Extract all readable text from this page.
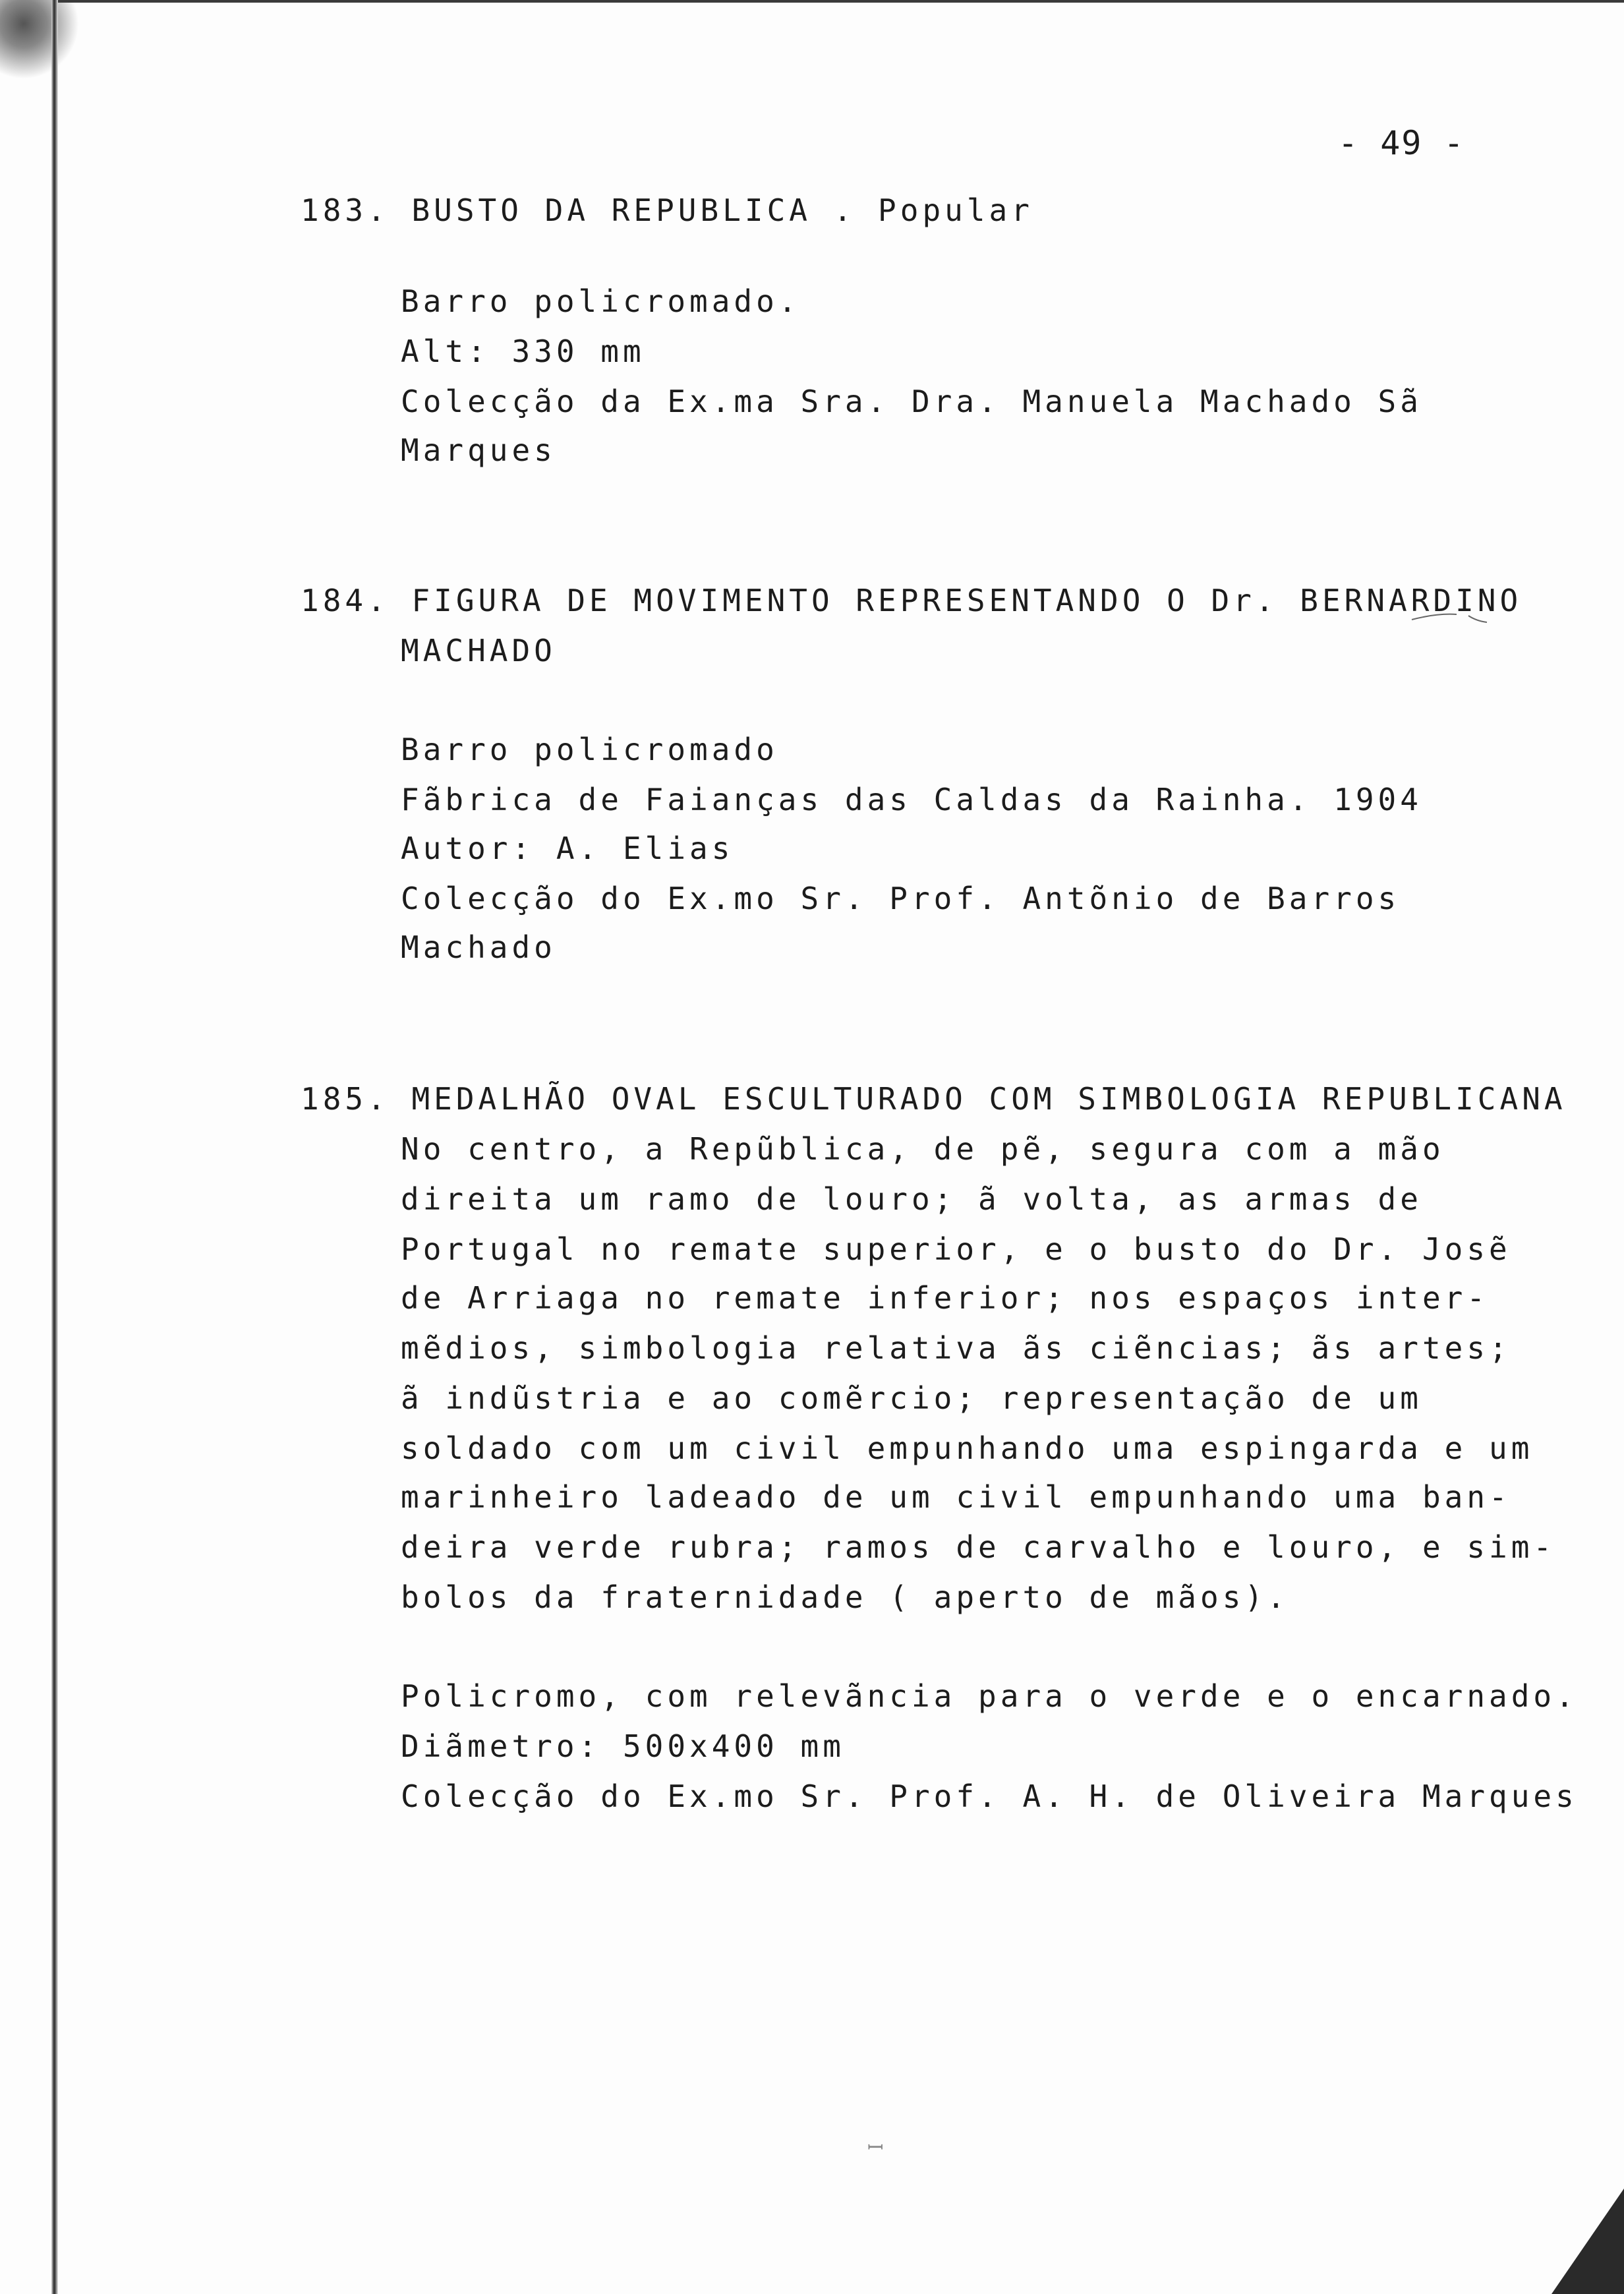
- 49 -
183. BUSTO DA REPUBLICA . Popular
Barro policromado.
Alt: 330 mm
Colecção da Ex.ma Sra. Dra. Manuela Machado Sã
Marques
184. FIGURA DE MOVIMENTO REPRESENTANDO O Dr. BERNARDINO
MACHADO
Barro policromado
Fãbrica de Faianças das Caldas da Rainha. 1904
Autor: A. Elias
Colecção do Ex.mo Sr. Prof. Antõnio de Barros
Machado
185. MEDALHÃO OVAL ESCULTURADO COM SIMBOLOGIA REPUBLICANA
No centro, a Repũblica, de pẽ, segura com a mão
direita um ramo de louro; ã volta, as armas de
Portugal no remate superior, e o busto do Dr. Josẽ
de Arriaga no remate inferior; nos espaços inter-
mẽdios, simbologia relativa ãs ciẽncias; ãs artes;
ã indũstria e ao comẽrcio; representação de um
soldado com um civil empunhando uma espingarda e um
marinheiro ladeado de um civil empunhando uma ban-
deira verde rubra; ramos de carvalho e louro, e sim-
bolos da fraternidade ( aperto de mãos).
Policromo, com relevãncia para o verde e o encarnado.
Diãmetro: 500x400 mm
Colecção do Ex.mo Sr. Prof. A. H. de Oliveira Marques
ꟷ
